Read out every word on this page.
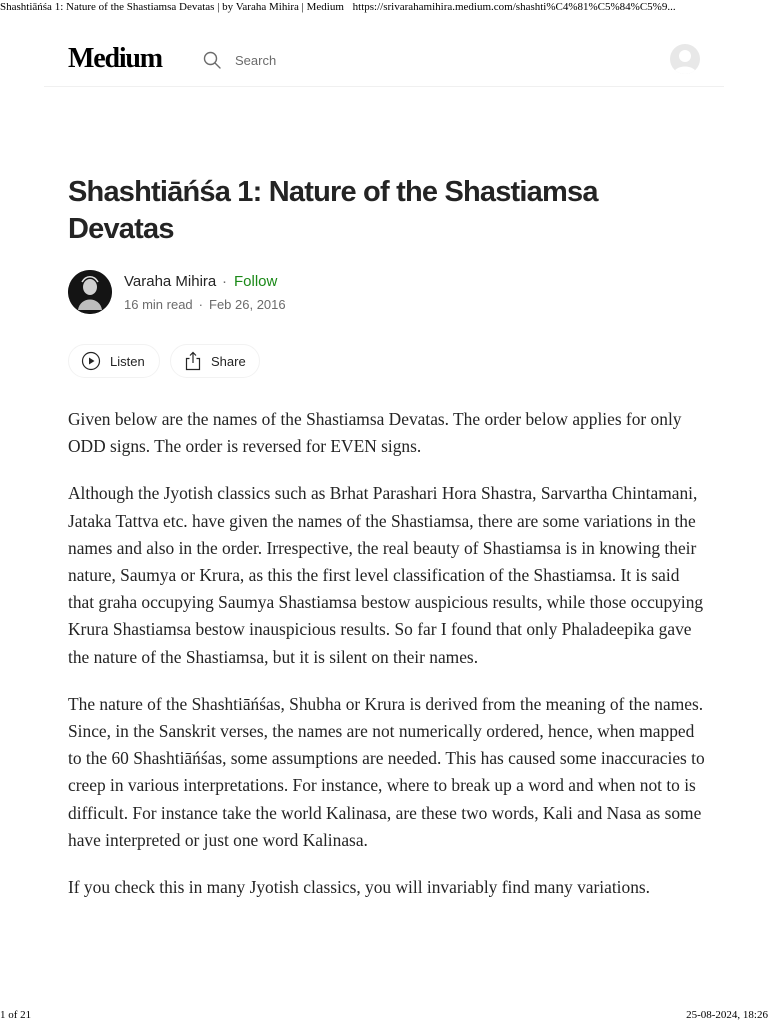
Shashtiāńśa 1: Nature of the Shastiamsa Devatas | by Varaha Mihira | Medium https://srivarahamihira.medium.com/shashti%C4%81%C5%84%C5%9...
Medium	Search
Shashtiāńśa 1: Nature of the Shastiamsa Devatas
Varaha Mihira · Follow
16 min read · Feb 26, 2016
Listen	Share

Given below are the names of the Shastiamsa Devatas. The order below applies for only ODD signs. The order is reversed for EVEN signs.

Although the Jyotish classics such as Brhat Parashari Hora Shastra, Sarvartha Chintamani, Jataka Tattva etc. have given the names of the Shastiamsa, there are some variations in the names and also in the order. Irrespective, the real beauty of Shastiamsa is in knowing their nature, Saumya or Krura, as this the first level classification of the Shastiamsa. It is said that graha occupying Saumya Shastiamsa bestow auspicious results, while those occupying Krura Shastiamsa bestow inauspicious results. So far I found that only Phaladeepika gave the nature of the Shastiamsa, but it is silent on their names.

The nature of the Shashtiāńśas, Shubha or Krura is derived from the meaning of the names. Since, in the Sanskrit verses, the names are not numerically ordered, hence, when mapped to the 60 Shashtiāńśas, some assumptions are needed. This has caused some inaccuracies to creep in various interpretations. For instance, where to break up a word and when not to is difficult. For instance take the world Kalinasa, are these two words, Kali and Nasa as some have interpreted or just one word Kalinasa.

If you check this in many Jyotish classics, you will invariably find many variations.

1 of 21	25-08-2024, 18:26
